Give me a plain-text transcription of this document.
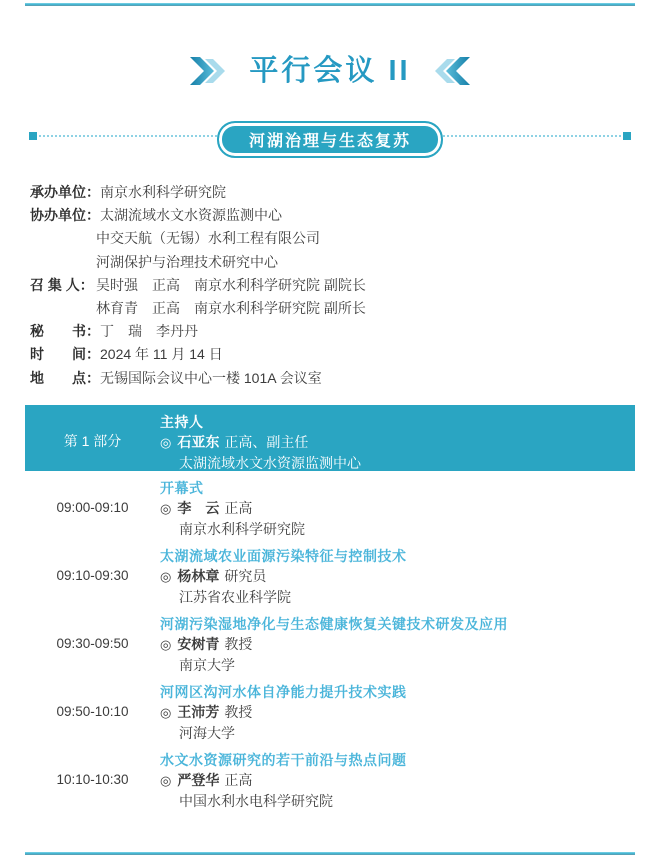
平行会议 II
河湖治理与生态复苏
承办单位： 南京水利科学研究院
协办单位： 太湖流域水文水资源监测中心
中交天航（无锡）水利工程有限公司
河湖保护与治理技术研究中心
召 集 人： 吴时强　正高　南京水利科学研究院 副院长
林育青　正高　南京水利科学研究院 副所长
秘　　书： 丁　瑞　李丹丹
时　　间： 2024 年 11 月 14 日
地　　点： 无锡国际会议中心一楼 101A 会议室
第 1 部分
主持人
◎ 石亚东 正高、副主任
太湖流域水文水资源监测中心
09:00-09:10
开幕式
◎ 李　云 正高
南京水利科学研究院
09:10-09:30
太湖流域农业面源污染特征与控制技术
◎ 杨林章 研究员
江苏省农业科学院
09:30-09:50
河湖污染湿地净化与生态健康恢复关键技术研发及应用
◎ 安树青 教授
南京大学
09:50-10:10
河网区沟河水体自净能力提升技术实践
◎ 王沛芳 教授
河海大学
10:10-10:30
水文水资源研究的若干前沿与热点问题
◎ 严登华 正高
中国水利水电科学研究院
